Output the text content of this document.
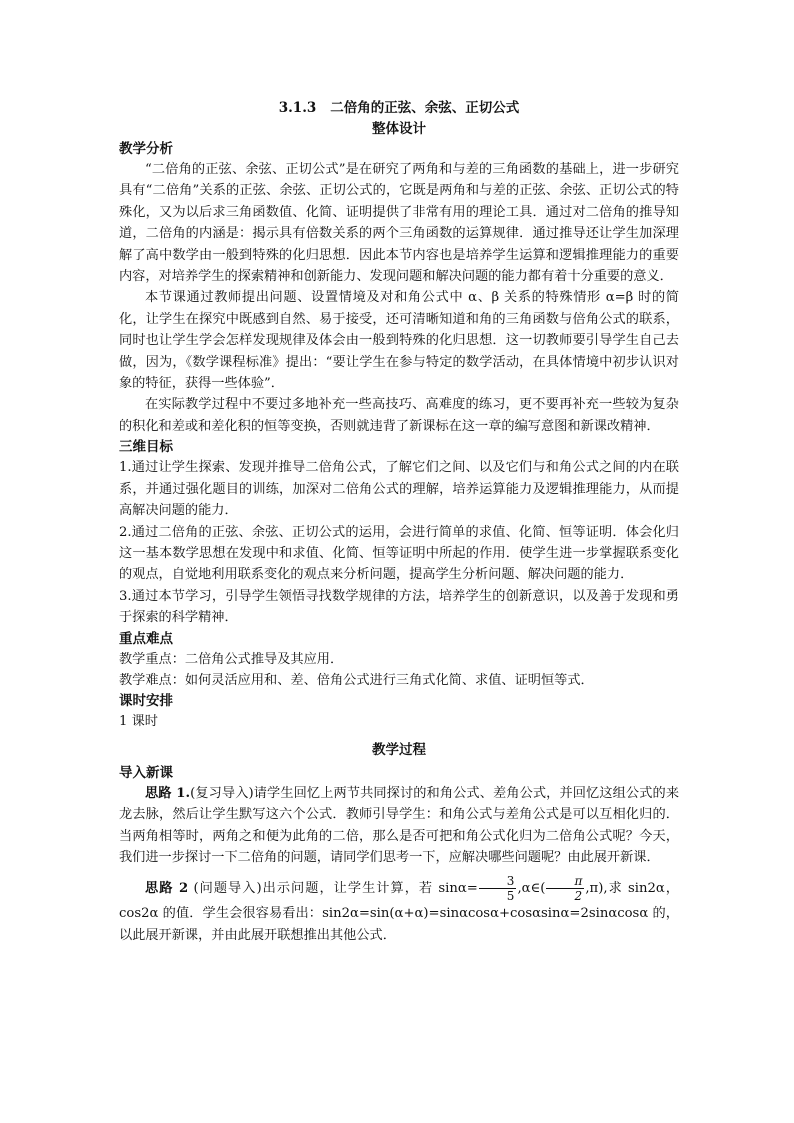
3.1.3 二倍角的正弦、余弦、正切公式
整体设计
教学分析

“二倍角的正弦、余弦、正切公式”是在研究了两角和与差的三角函数的基础上，进一步研究具有“二倍角”关系的正弦、余弦、正切公式的，它既是两角和与差的正弦、余弦、正切公式的特殊化，又为以后求三角函数值、化简、证明提供了非常有用的理论工具．通过对二倍角的推导知道，二倍角的内涵是：揭示具有倍数关系的两个三角函数的运算规律．通过推导还让学生加深理解了高中数学由一般到特殊的化归思想．因此本节内容也是培养学生运算和逻辑推理能力的重要内容，对培养学生的探索精神和创新能力、发现问题和解决问题的能力都有着十分重要的意义．

本节课通过教师提出问题、设置情境及对和角公式中 α、β 关系的特殊情形 α=β 时的简化，让学生在探究中既感到自然、易于接受，还可清晰知道和角的三角函数与倍角公式的联系，同时也让学生学会怎样发现规律及体会由一般到特殊的化归思想．这一切教师要引导学生自己去做，因为，《数学课程标准》提出：“要让学生在参与特定的数学活动，在具体情境中初步认识对象的特征，获得一些体验”．

在实际教学过程中不要过多地补充一些高技巧、高难度的练习，更不要再补充一些较为复杂的积化和差或和差化积的恒等变换，否则就违背了新课标在这一章的编写意图和新课改精神．

三维目标

1.通过让学生探索、发现并推导二倍角公式，了解它们之间、以及它们与和角公式之间的内在联系，并通过强化题目的训练，加深对二倍角公式的理解，培养运算能力及逻辑推理能力，从而提高解决问题的能力．

2.通过二倍角的正弦、余弦、正切公式的运用，会进行简单的求值、化简、恒等证明．体会化归这一基本数学思想在发现中和求值、化简、恒等证明中所起的作用．使学生进一步掌握联系变化的观点，自觉地利用联系变化的观点来分析问题，提高学生分析问题、解决问题的能力．

3.通过本节学习，引导学生领悟寻找数学规律的方法，培养学生的创新意识，以及善于发现和勇于探索的科学精神．

重点难点

教学重点：二倍角公式推导及其应用．

教学难点：如何灵活应用和、差、倍角公式进行三角式化简、求值、证明恒等式．

课时安排

1 课时

教学过程
导入新课

思路 1.(复习导入)请学生回忆上两节共同探讨的和角公式、差角公式，并回忆这组公式的来龙去脉，然后让学生默写这六个公式．教师引导学生：和角公式与差角公式是可以互相化归的．当两角相等时，两角之和便为此角的二倍，那么是否可把和角公式化归为二倍角公式呢？今天，我们进一步探讨一下二倍角的问题，请同学们思考一下，应解决哪些问题呢？由此展开新课．

思路 2 (问题导入)出示问题，让学生计算，若 $\sin\alpha= \frac{3}{5}$ ,α∈( $\frac{\pi}{2} ,\pi$),求 sin2α，cos2α 的值．学生会很容易看出：sin2α=sin(α+α)=sinαcosα+cosαsinα=2sinαcosα 的，以此展开新课，并由此展开联想推出其他公式．
